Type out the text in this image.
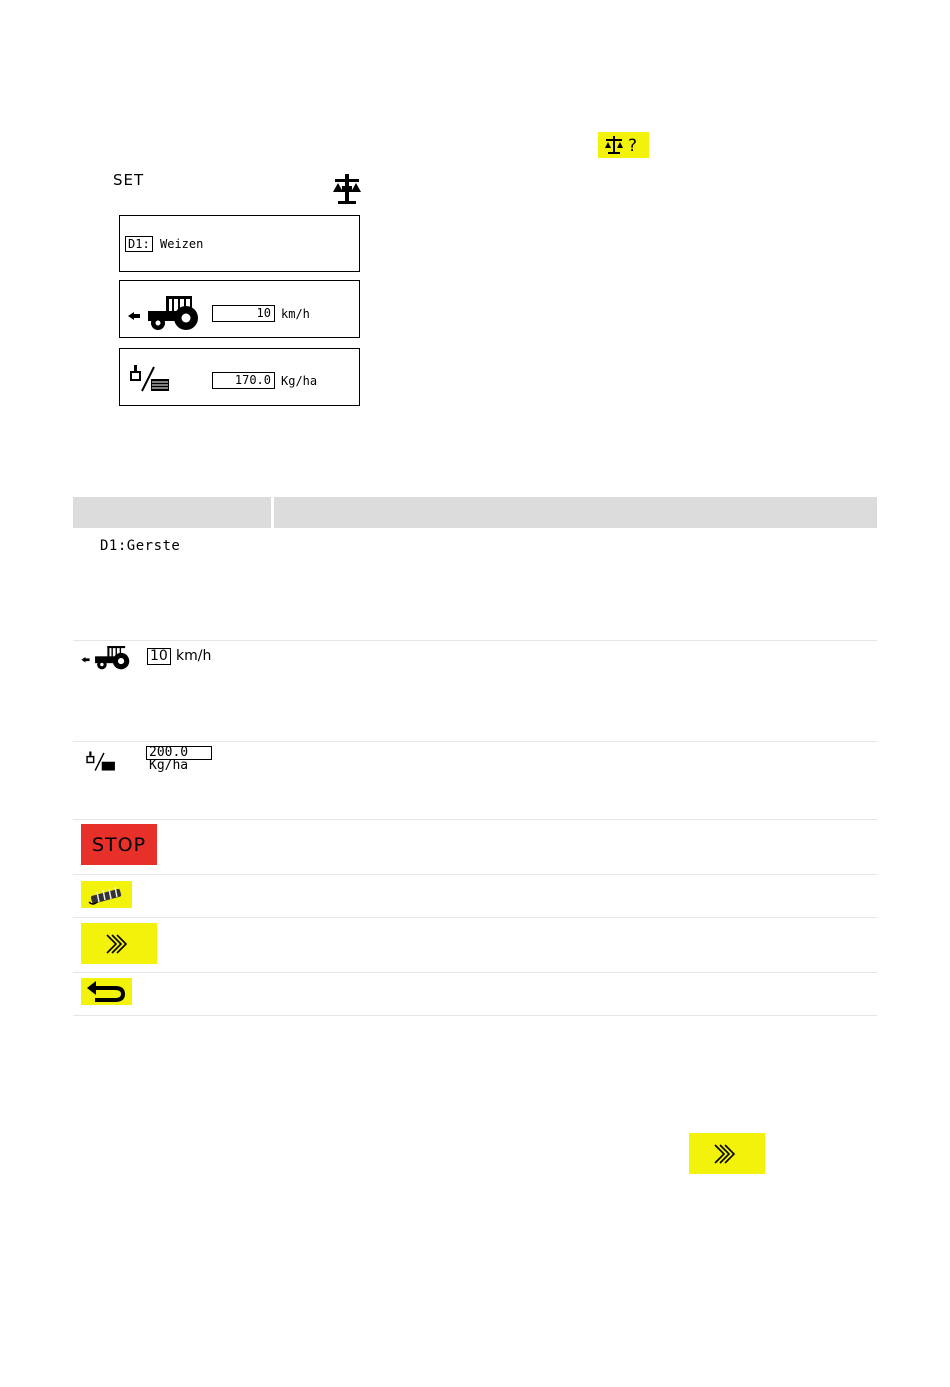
?
SET
D1: Weizen
10 km/h
170.0 Kg/ha
D1:Gerste
10 km/h
200.0
Kg/ha
STOP
